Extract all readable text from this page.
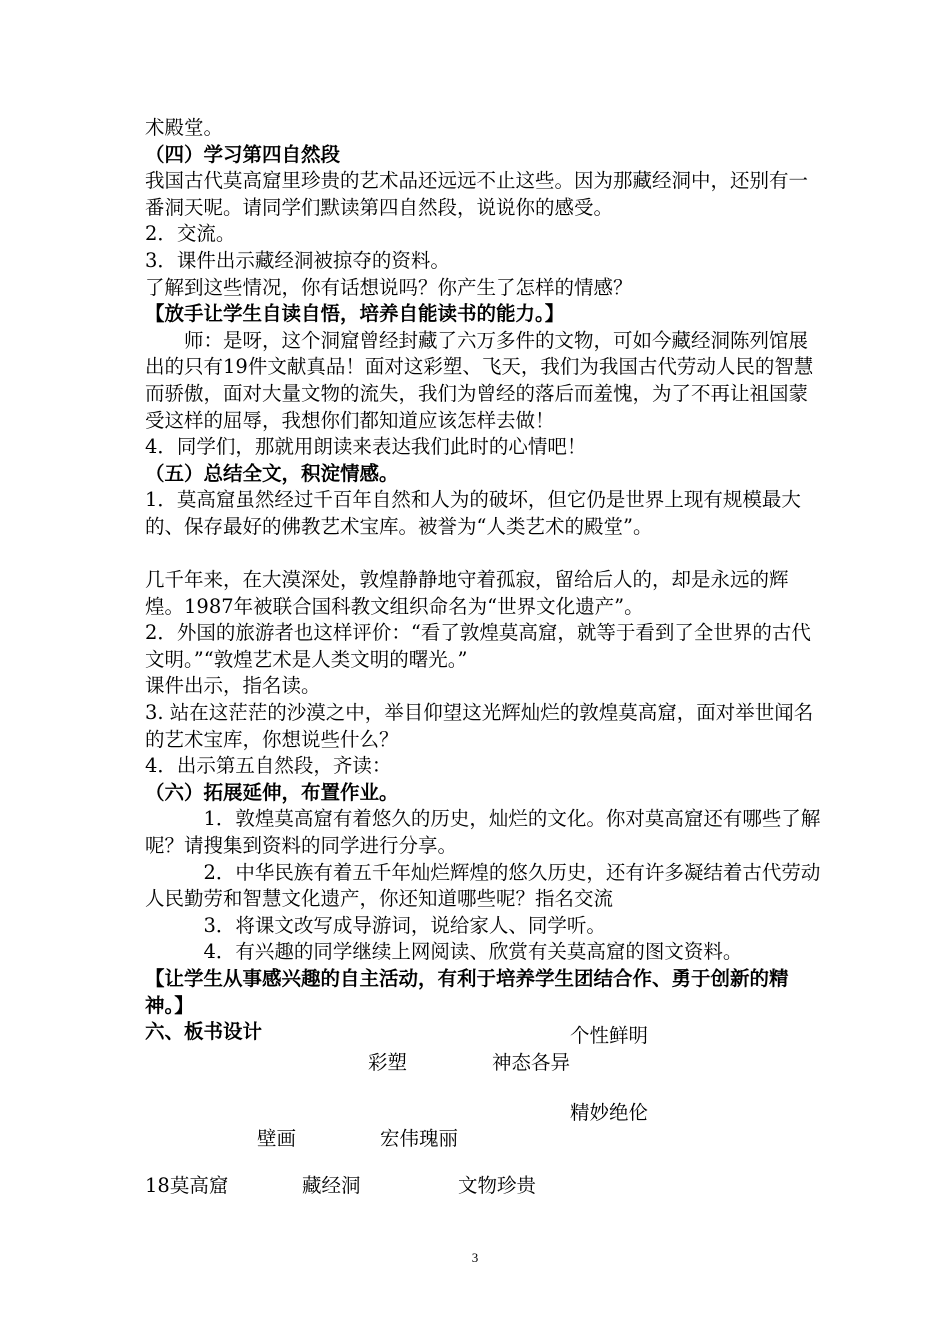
术殿堂。

（四）学习第四自然段

我国古代莫高窟里珍贵的艺术品还远远不止这些。因为那藏经洞中，还别有一番洞天呢。请同学们默读第四自然段，说说你的感受。

2．交流。

3．课件出示藏经洞被掠夺的资料。

了解到这些情况，你有话想说吗？你产生了怎样的情感？

【放手让学生自读自悟，培养自能读书的能力。】

师：是呀，这个洞窟曾经封藏了六万多件的文物，可如今藏经洞陈列馆展出的只有19件文献真品！面对这彩塑、飞天，我们为我国古代劳动人民的智慧而骄傲，面对大量文物的流失，我们为曾经的落后而羞愧，为了不再让祖国蒙受这样的屈辱，我想你们都知道应该怎样去做！

4．同学们，那就用朗读来表达我们此时的心情吧！

（五）总结全文，积淀情感。

1．莫高窟虽然经过千百年自然和人为的破坏，但它仍是世界上现有规模最大的、保存最好的佛教艺术宝库。被誉为“人类艺术的殿堂”。

几千年来，在大漠深处，敦煌静静地守着孤寂，留给后人的，却是永远的辉煌。1987年被联合国科教文组织命名为“世界文化遗产”。

2．外国的旅游者也这样评价：“看了敦煌莫高窟，就等于看到了全世界的古代文明。”“敦煌艺术是人类文明的曙光。”

课件出示，指名读。

3. 站在这茫茫的沙漠之中，举目仰望这光辉灿烂的敦煌莫高窟，面对举世闻名的艺术宝库，你想说些什么？

4．出示第五自然段，齐读：

（六）拓展延伸，布置作业。

1．敦煌莫高窟有着悠久的历史，灿烂的文化。你对莫高窟还有哪些了解呢？请搜集到资料的同学进行分享。

2．中华民族有着五千年灿烂辉煌的悠久历史，还有许多凝结着古代劳动人民勤劳和智慧文化遗产，你还知道哪些呢？指名交流

3．将课文改写成导游词，说给家人、同学听。

4．有兴趣的同学继续上网阅读、欣赏有关莫高窟的图文资料。

【让学生从事感兴趣的自主活动，有利于培养学生团结合作、勇于创新的精神。】

六、板书设计	个性鲜明
彩塑	神态各异
精妙绝伦
壁画	宏伟瑰丽
18莫高窟	藏经洞	文物珍贵
3
